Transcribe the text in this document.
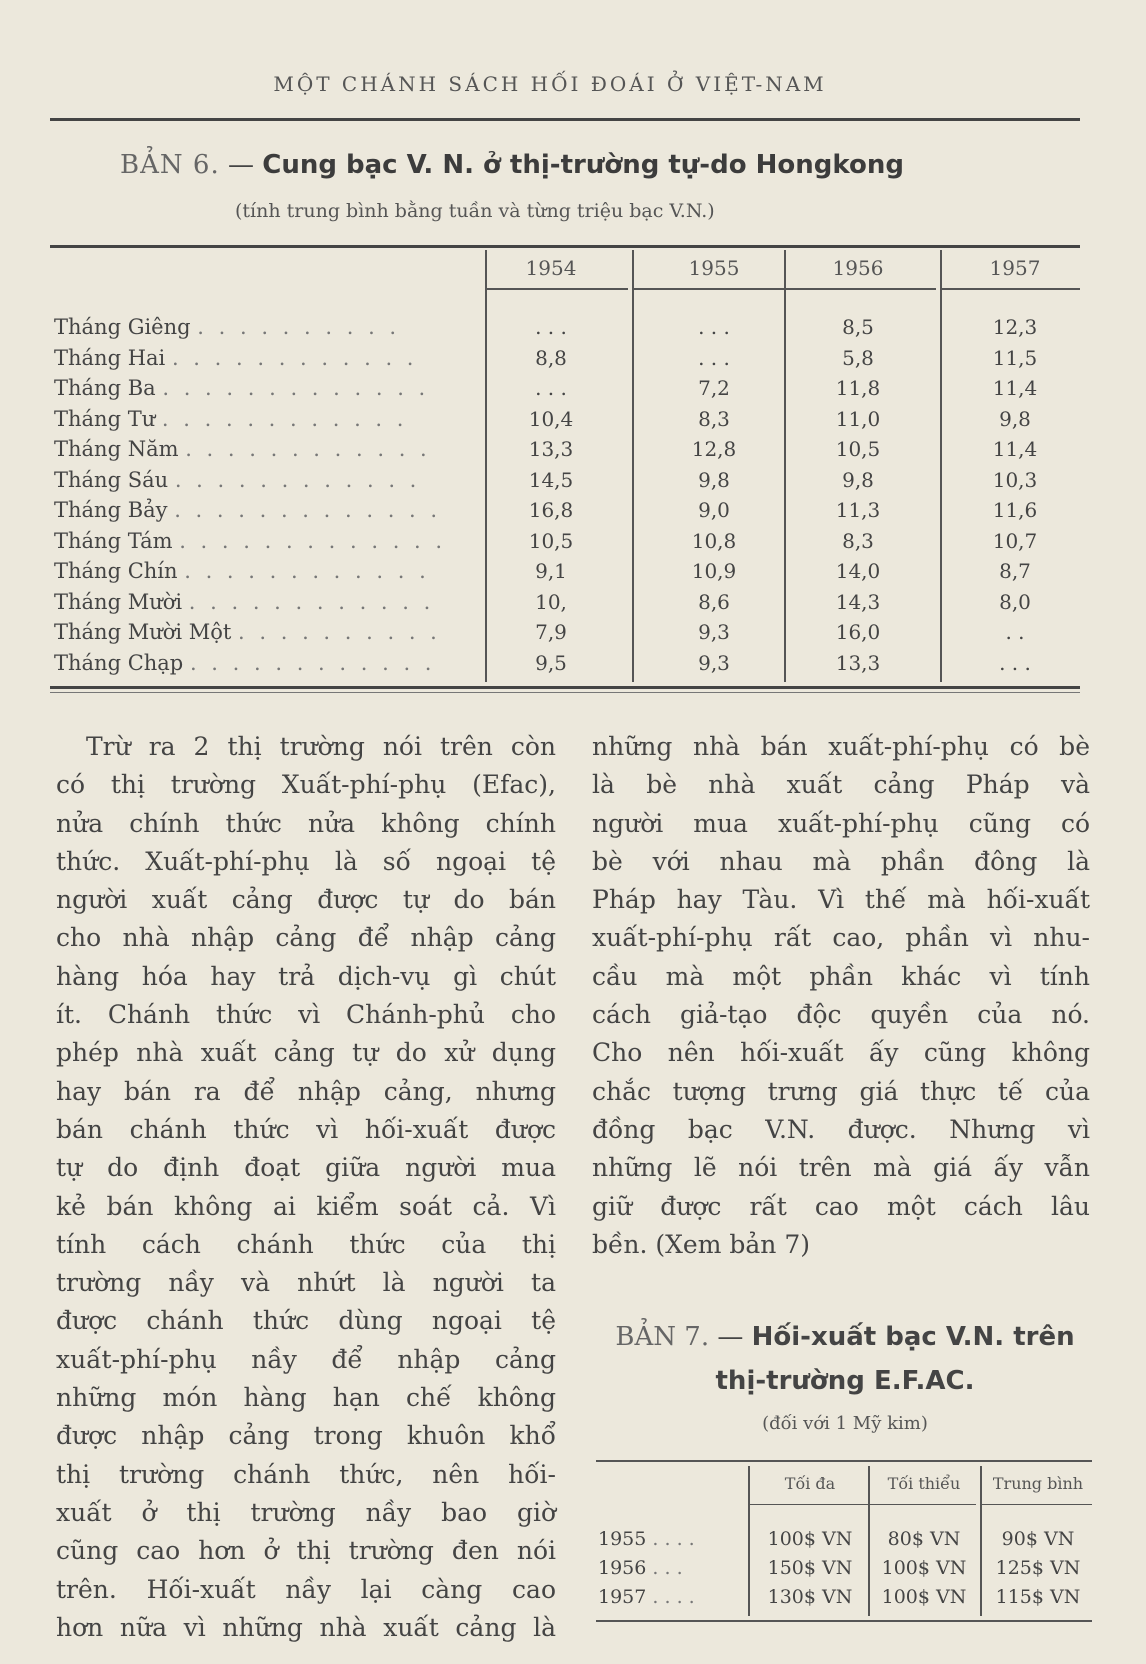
MỘT CHÁNH SÁCH HỐI ĐOÁI Ở VIỆT-NAM
BẢN 6. — Cung bạc V. N. ở thị-trường tự-do Hongkong
(tính trung bình bằng tuần và từng triệu bạc V.N.)
1954	1955	1956	1957
Tháng Giêng . . . . . . . . . .	. . .	. . .	8,5	12,3
Tháng Hai . . . . . . . . . . . .	8,8	. . .	5,8	11,5
Tháng Ba . . . . . . . . . . . . .	. . .	7,2	11,8	11,4
Tháng Tư . . . . . . . . . . . .	10,4	8,3	11,0	9,8
Tháng Năm . . . . . . . . . . . .	13,3	12,8	10,5	11,4
Tháng Sáu . . . . . . . . . . . .	14,5	9,8	9,8	10,3
Tháng Bảy . . . . . . . . . . . . .	16,8	9,0	11,3	11,6
Tháng Tám . . . . . . . . . . . . .	10,5	10,8	8,3	10,7
Tháng Chín . . . . . . . . . . . .	9,1	10,9	14,0	8,7
Tháng Mười . . . . . . . . . . . .	10,	8,6	14,3	8,0
Tháng Mười Một . . . . . . . . . .	7,9	9,3	16,0	. .
Tháng Chạp . . . . . . . . . . . .	9,5	9,3	13,3	. . .
Trừ ra 2 thị trường nói trên còn
có thị trường Xuất-phí-phụ (Efac),
nửa chính thức nửa không chính
thức. Xuất-phí-phụ là số ngoại tệ
người xuất cảng được tự do bán
cho nhà nhập cảng để nhập cảng
hàng hóa hay trả dịch-vụ gì chút
ít. Chánh thức vì Chánh-phủ cho
phép nhà xuất cảng tự do xử dụng
hay bán ra để nhập cảng, nhưng
bán chánh thức vì hối-xuất được
tự do định đoạt giữa người mua
kẻ bán không ai kiểm soát cả. Vì
tính cách chánh thức của thị
trường nầy và nhứt là người ta
được chánh thức dùng ngoại tệ
xuất-phí-phụ nầy để nhập cảng
những món hàng hạn chế không
được nhập cảng trong khuôn khổ
thị trường chánh thức, nên hối-
xuất ở thị trường nầy bao giờ
cũng cao hơn ở thị trường đen nói
trên. Hối-xuất nầy lại càng cao
hơn nữa vì những nhà xuất cảng là
những nhà bán xuất-phí-phụ có bè
là bè nhà xuất cảng Pháp và
người mua xuất-phí-phụ cũng có
bè với nhau mà phần đông là
Pháp hay Tàu. Vì thế mà hối-xuất
xuất-phí-phụ rất cao, phần vì nhu-
cầu mà một phần khác vì tính
cách giả-tạo độc quyền của nó.
Cho nên hối-xuất ấy cũng không
chắc tượng trưng giá thực tế của
đồng bạc V.N. được. Nhưng vì
những lẽ nói trên mà giá ấy vẫn
giữ được rất cao một cách lâu
bền. (Xem bản 7)
BẢN 7. — Hối-xuất bạc V.N. trên
thị-trường E.F.AC.
(đối với 1 Mỹ kim)
Tối đa	Tối thiểu	Trung bình
1955 . . . .	100$ VN	80$ VN	90$ VN
1956 . . .	150$ VN	100$ VN	125$ VN
1957 . . . .	130$ VN	100$ VN	115$ VN
